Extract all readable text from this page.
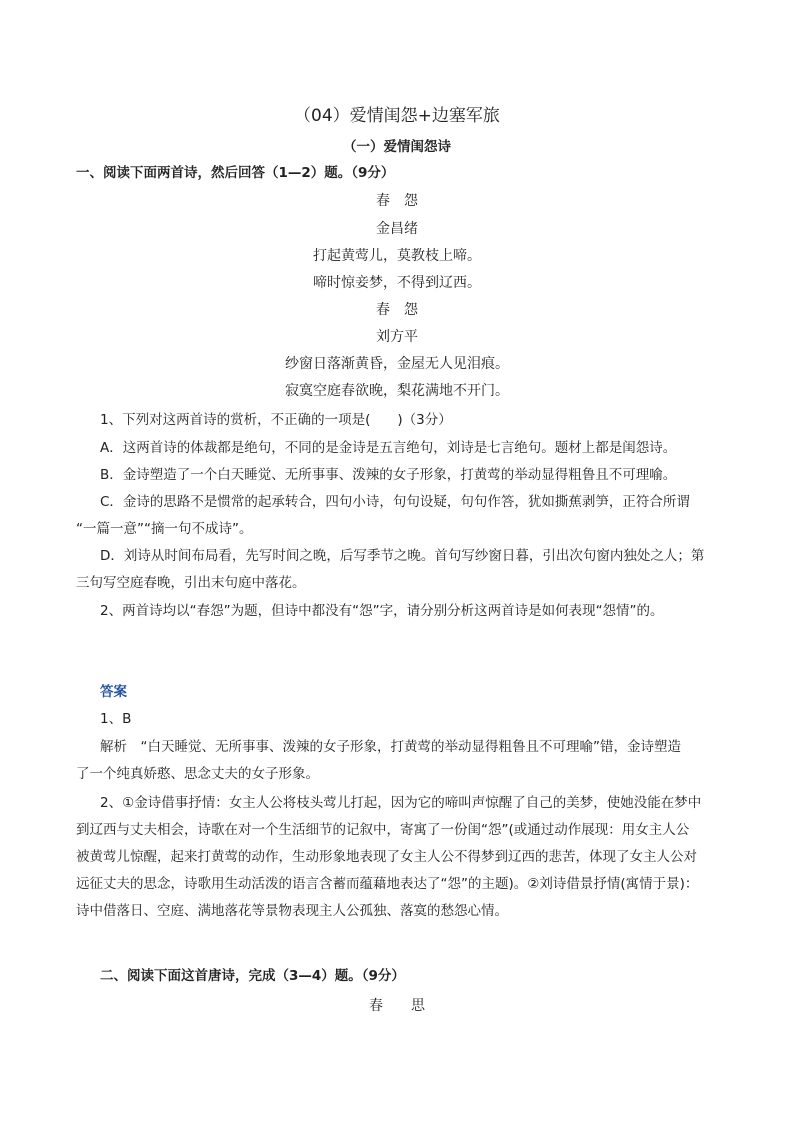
（04）爱情闺怨+边塞军旅
（一）爱情闺怨诗
一、阅读下面两首诗，然后回答（1—2）题。（9分）
春　怨
金昌绪
打起黄莺儿，莫教枝上啼。
啼时惊妾梦，不得到辽西。
春　怨
刘方平
纱窗日落渐黄昏，金屋无人见泪痕。
寂寞空庭春欲晚，梨花满地不开门。
1、下列对这两首诗的赏析，不正确的一项是(　　)（3分）
A．这两首诗的体裁都是绝句，不同的是金诗是五言绝句，刘诗是七言绝句。题材上都是闺怨诗。
B．金诗塑造了一个白天睡觉、无所事事、泼辣的女子形象，打黄莺的举动显得粗鲁且不可理喻。
C．金诗的思路不是惯常的起承转合，四句小诗，句句设疑，句句作答，犹如撕蕉剥笋，正符合所谓
“一篇一意”“摘一句不成诗”。
D．刘诗从时间布局看，先写时间之晚，后写季节之晚。首句写纱窗日暮，引出次句窗内独处之人；第
三句写空庭春晚，引出末句庭中落花。
2、两首诗均以“春怨”为题，但诗中都没有“怨”字，请分别分析这两首诗是如何表现“怨情”的。
答案
1、B
解析　“白天睡觉、无所事事、泼辣的女子形象，打黄莺的举动显得粗鲁且不可理喻”错，金诗塑造
了一个纯真娇憨、思念丈夫的女子形象。
2、①金诗借事抒情：女主人公将枝头莺儿打起，因为它的啼叫声惊醒了自己的美梦，使她没能在梦中
到辽西与丈夫相会，诗歌在对一个生活细节的记叙中，寄寓了一份闺“怨”(或通过动作展现：用女主人公
被黄莺儿惊醒，起来打黄莺的动作，生动形象地表现了女主人公不得梦到辽西的悲苦，体现了女主人公对
远征丈夫的思念，诗歌用生动活泼的语言含蓄而蕴藉地表达了“怨”的主题)。②刘诗借景抒情(寓情于景)：
诗中借落日、空庭、满地落花等景物表现主人公孤独、落寞的愁怨心情。
二、阅读下面这首唐诗，完成（3—4）题。（9分）
春　　思
